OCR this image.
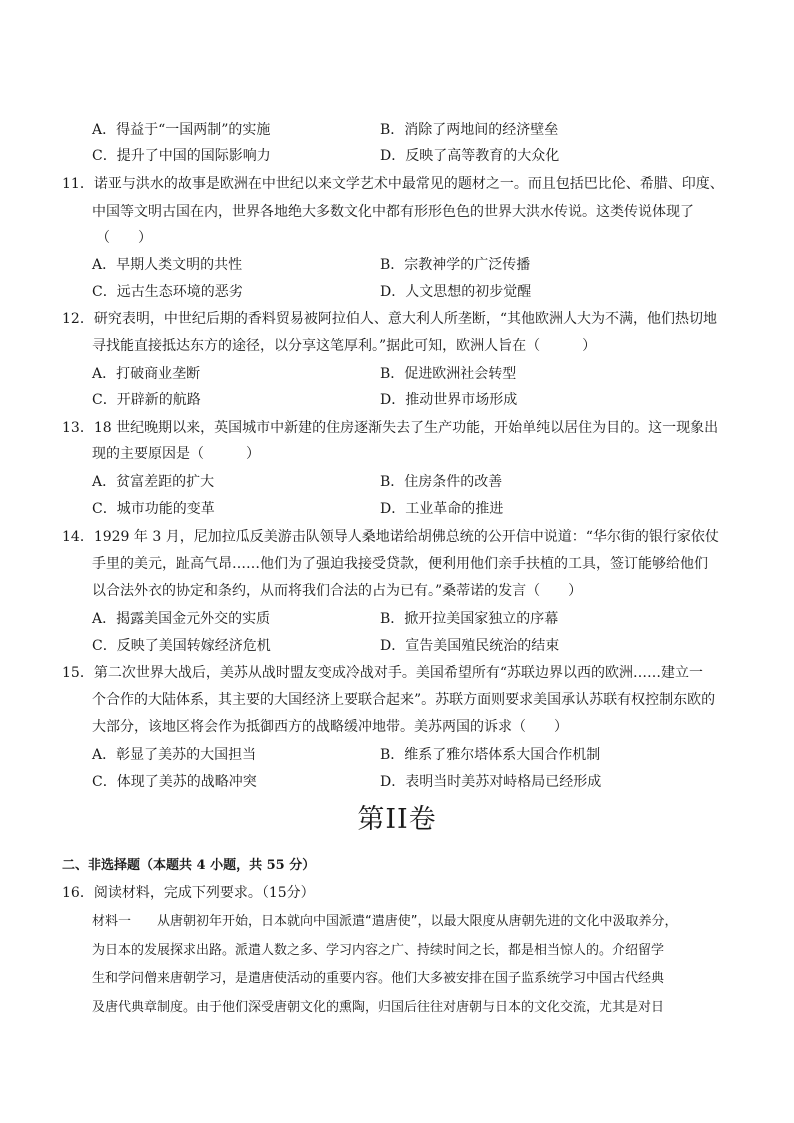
A．得益于“一国两制”的实施	B．消除了两地间的经济壁垒
C．提升了中国的国际影响力	D．反映了高等教育的大众化
11．诺亚与洪水的故事是欧洲在中世纪以来文学艺术中最常见的题材之一。而且包括巴比伦、希腊、印度、
中国等文明古国在内，世界各地绝大多数文化中都有形形色色的世界大洪水传说。这类传说体现了
（　　）
A．早期人类文明的共性	B．宗教神学的广泛传播
C．远古生态环境的恶劣	D．人文思想的初步觉醒
12．研究表明，中世纪后期的香料贸易被阿拉伯人、意大利人所垄断，“其他欧洲人大为不满，他们热切地
寻找能直接抵达东方的途径，以分享这笔厚利。”据此可知，欧洲人旨在（　　　）
A．打破商业垄断	B．促进欧洲社会转型
C．开辟新的航路	D．推动世界市场形成
13．18 世纪晚期以来，英国城市中新建的住房逐渐失去了生产功能，开始单纯以居住为目的。这一现象出
现的主要原因是（　　　）
A．贫富差距的扩大	B．住房条件的改善
C．城市功能的变革	D．工业革命的推进
14．1929 年 3 月，尼加拉瓜反美游击队领导人桑地诺给胡佛总统的公开信中说道：“华尔街的银行家依仗
手里的美元，趾高气昂……他们为了强迫我接受贷款，便利用他们亲手扶植的工具，签订能够给他们
以合法外衣的协定和条约，从而将我们合法的占为已有。”桑蒂诺的发言（　　）
A．揭露美国金元外交的实质	B．掀开拉美国家独立的序幕
C．反映了美国转嫁经济危机	D．宣告美国殖民统治的结束
15．第二次世界大战后，美苏从战时盟友变成冷战对手。美国希望所有“苏联边界以西的欧洲……建立一
个合作的大陆体系，其主要的大国经济上要联合起来”。苏联方面则要求美国承认苏联有权控制东欧的
大部分，该地区将会作为抵御西方的战略缓冲地带。美苏两国的诉求（　　）
A．彰显了美苏的大国担当	B．维系了雅尔塔体系大国合作机制
C．体现了美苏的战略冲突	D．表明当时美苏对峙格局已经形成
第II卷
二、非选择题（本题共 4 小题，共 55 分）
16．阅读材料，完成下列要求。（15分）
材料一　　从唐朝初年开始，日本就向中国派遣“遣唐使”，以最大限度从唐朝先进的文化中汲取养分，
为日本的发展探求出路。派遣人数之多、学习内容之广、持续时间之长，都是相当惊人的。介绍留学
生和学问僧来唐朝学习，是遣唐使活动的重要内容。他们大多被安排在国子监系统学习中国古代经典
及唐代典章制度。由于他们深受唐朝文化的熏陶，归国后往往对唐朝与日本的文化交流，尤其是对日
